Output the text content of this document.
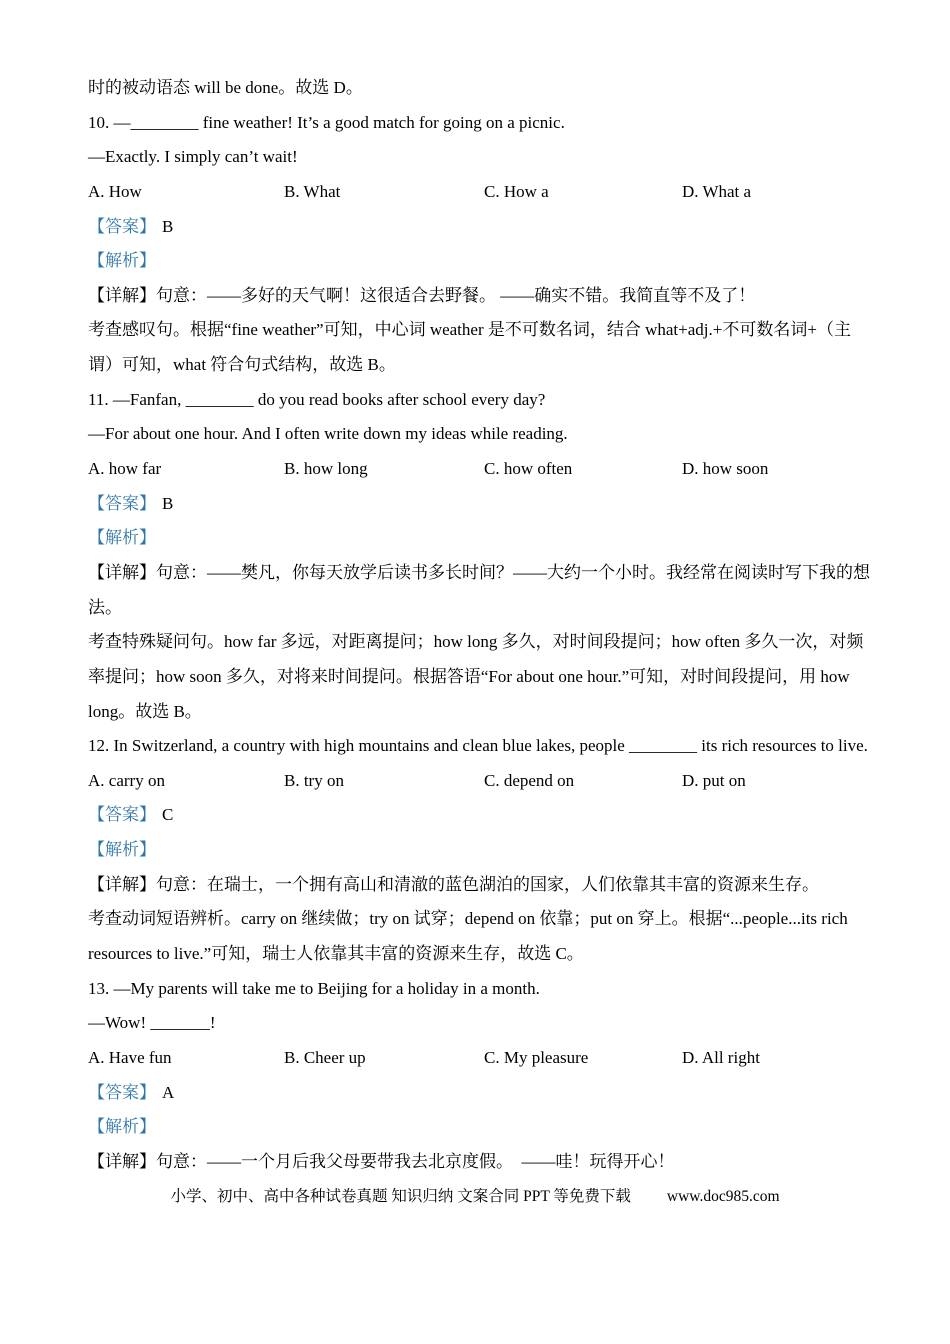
时的被动语态 will be done。故选 D。
10. —________ fine weather! It’s a good match for going on a picnic.
—Exactly. I simply can’t wait!
A. How	B. What	C. How a	D. What a
【答案】 B
【解析】
【详解】句意：——多好的天气啊！这很适合去野餐。 ——确实不错。我简直等不及了！
考查感叹句。根据“fine weather”可知，中心词 weather 是不可数名词，结合 what+adj.+不可数名词+（主
谓）可知，what 符合句式结构，故选 B。
11. —Fanfan, ________ do you read books after school every day?
—For about one hour. And I often write down my ideas while reading.
A. how far	B. how long	C. how often	D. how soon
【答案】 B
【解析】
【详解】句意：——樊凡，你每天放学后读书多长时间？——大约一个小时。我经常在阅读时写下我的想
法。
考查特殊疑问句。how far 多远，对距离提问；how long 多久，对时间段提问；how often 多久一次，对频
率提问；how soon 多久，对将来时间提问。根据答语“For about one hour.”可知，对时间段提问，用 how
long。故选 B。
12. In Switzerland, a country with high mountains and clean blue lakes, people ________ its rich resources to live.
A. carry on	B. try on	C. depend on	D. put on
【答案】 C
【解析】
【详解】句意：在瑞士，一个拥有高山和清澈的蓝色湖泊的国家，人们依靠其丰富的资源来生存。
考查动词短语辨析。carry on 继续做；try on 试穿；depend on 依靠；put on 穿上。根据“...people...its rich
resources to live.”可知，瑞士人依靠其丰富的资源来生存，故选 C。
13. —My parents will take me to Beijing for a holiday in a month.
—Wow! _______!
A. Have fun	B. Cheer up	C. My pleasure	D. All right
【答案】 A
【解析】
【详解】句意：——一个月后我父母要带我去北京度假。  ——哇！玩得开心！
小学、初中、高中各种试卷真题 知识归纳 文案合同 PPT 等免费下载 www.doc985.com
